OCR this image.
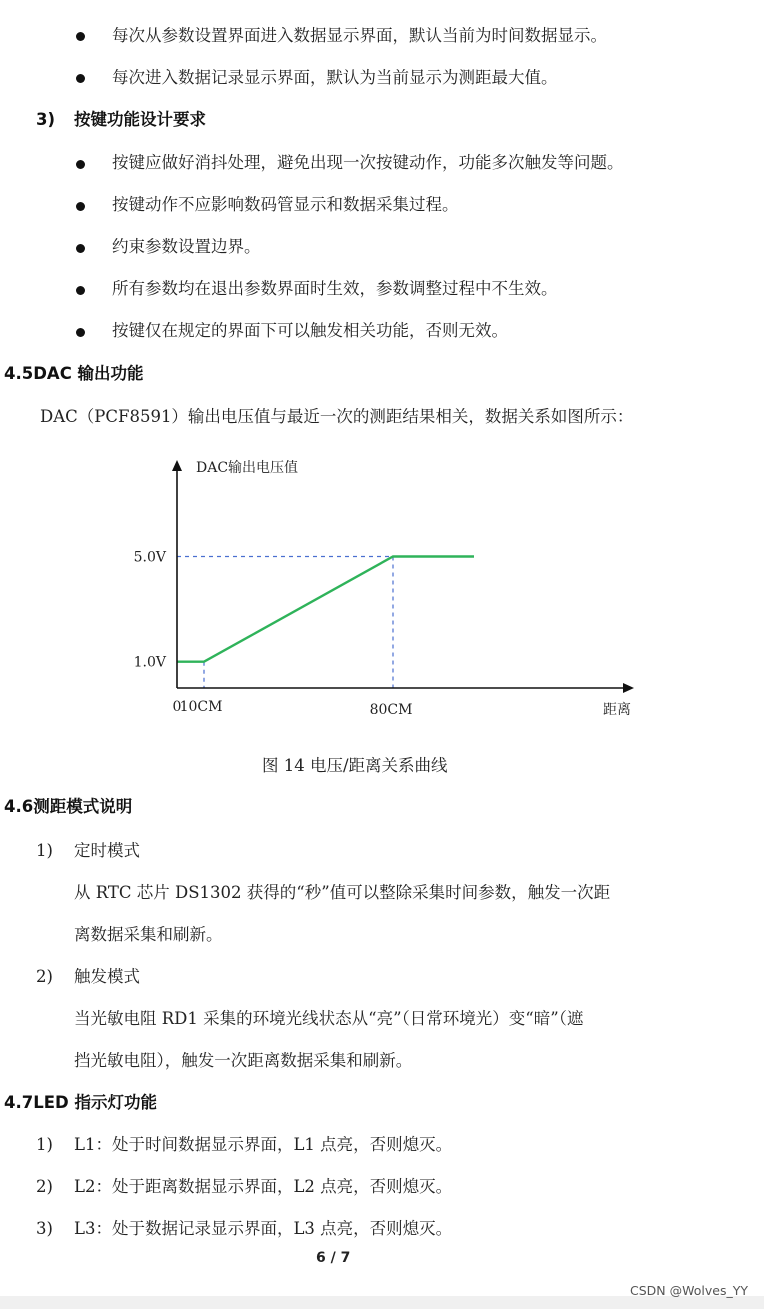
每次从参数设置界面进入数据显示界面，默认当前为时间数据显示。
每次进入数据记录显示界面，默认为当前显示为测距最大值。
3) 按键功能设计要求
按键应做好消抖处理，避免出现一次按键动作，功能多次触发等问题。
按键动作不应影响数码管显示和数据采集过程。
约束参数设置边界。
所有参数均在退出参数界面时生效，参数调整过程中不生效。
按键仅在规定的界面下可以触发相关功能，否则无效。
4.5DAC 输出功能
DAC（PCF8591）输出电压值与最近一次的测距结果相关，数据关系如图所示：
DAC输出电压值
5.0V
1.0V
0
10CM	80CM	距离
图 14 电压/距离关系曲线
4.6测距模式说明
1) 定时模式
从 RTC 芯片 DS1302 获得的“秒”值可以整除采集时间参数，触发一次距
离数据采集和刷新。
2) 触发模式
当光敏电阻 RD1 采集的环境光线状态从“亮”（日常环境光）变“暗”（遮
挡光敏电阻），触发一次距离数据采集和刷新。
4.7LED 指示灯功能
1) L1：处于时间数据显示界面，L1 点亮，否则熄灭。
2) L2：处于距离数据显示界面，L2 点亮，否则熄灭。
3) L3：处于数据记录显示界面，L3 点亮，否则熄灭。
6 / 7
CSDN @Wolves_YY
